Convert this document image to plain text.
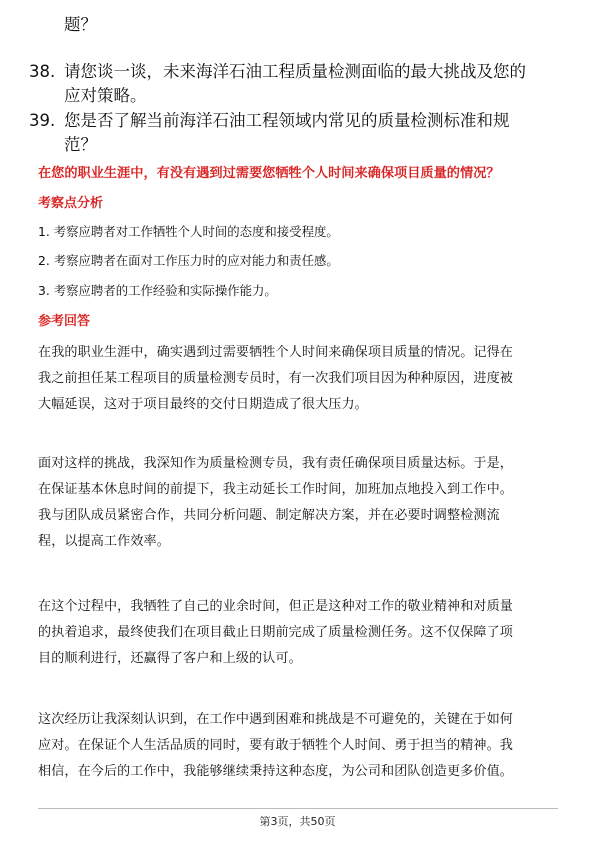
题？
38. 请您谈一谈，未来海洋石油工程质量检测面临的最大挑战及您的
应对策略。
39. 您是否了解当前海洋石油工程领域内常见的质量检测标准和规
范？
在您的职业生涯中，有没有遇到过需要您牺牲个人时间来确保项目质量的情况？
考察点分析
1. 考察应聘者对工作牺牲个人时间的态度和接受程度。
2. 考察应聘者在面对工作压力时的应对能力和责任感。
3. 考察应聘者的工作经验和实际操作能力。
参考回答
在我的职业生涯中，确实遇到过需要牺牲个人时间来确保项目质量的情况。记得在
我之前担任某工程项目的质量检测专员时，有一次我们项目因为种种原因，进度被
大幅延误，这对于项目最终的交付日期造成了很大压力。
面对这样的挑战，我深知作为质量检测专员，我有责任确保项目质量达标。于是，
在保证基本休息时间的前提下，我主动延长工作时间，加班加点地投入到工作中。
我与团队成员紧密合作，共同分析问题、制定解决方案，并在必要时调整检测流
程，以提高工作效率。
在这个过程中，我牺牲了自己的业余时间，但正是这种对工作的敬业精神和对质量
的执着追求，最终使我们在项目截止日期前完成了质量检测任务。这不仅保障了项
目的顺利进行，还赢得了客户和上级的认可。
这次经历让我深刻认识到，在工作中遇到困难和挑战是不可避免的，关键在于如何
应对。在保证个人生活品质的同时，要有敢于牺牲个人时间、勇于担当的精神。我
相信，在今后的工作中，我能够继续秉持这种态度，为公司和团队创造更多价值。
第3页，共50页
